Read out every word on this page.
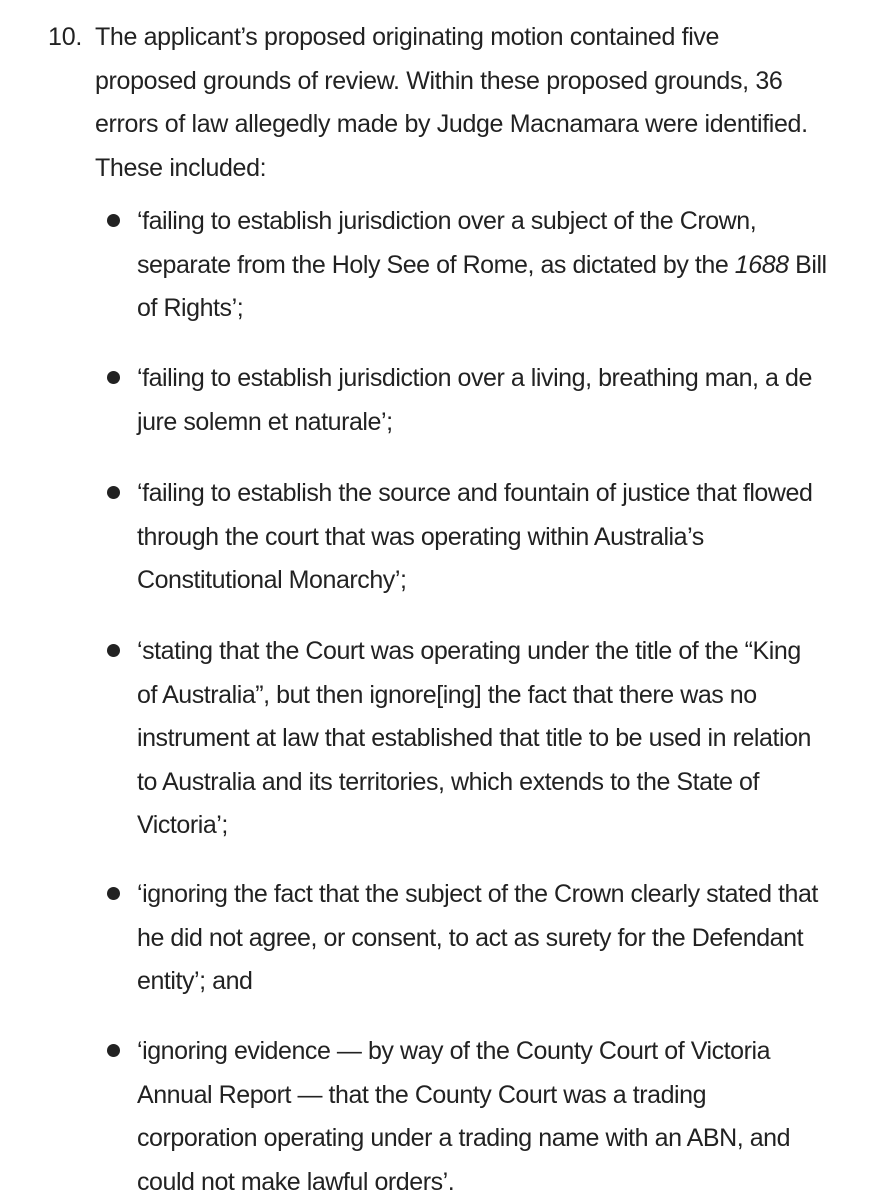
10. The applicant’s proposed originating motion contained five proposed grounds of review. Within these proposed grounds, 36 errors of law allegedly made by Judge Macnamara were identified. These included:

‘failing to establish jurisdiction over a subject of the Crown, separate from the Holy See of Rome, as dictated by the 1688 Bill of Rights’;

‘failing to establish jurisdiction over a living, breathing man, a de jure solemn et naturale’;

‘failing to establish the source and fountain of justice that flowed through the court that was operating within Australia’s Constitutional Monarchy’;

‘stating that the Court was operating under the title of the “King of Australia”, but then ignore[ing] the fact that there was no instrument at law that established that title to be used in relation to Australia and its territories, which extends to the State of Victoria’;

‘ignoring the fact that the subject of the Crown clearly stated that he did not agree, or consent, to act as surety for the Defendant entity’; and

‘ignoring evidence — by way of the County Court of Victoria Annual Report — that the County Court was a trading corporation operating under a trading name with an ABN, and could not make lawful orders’.
